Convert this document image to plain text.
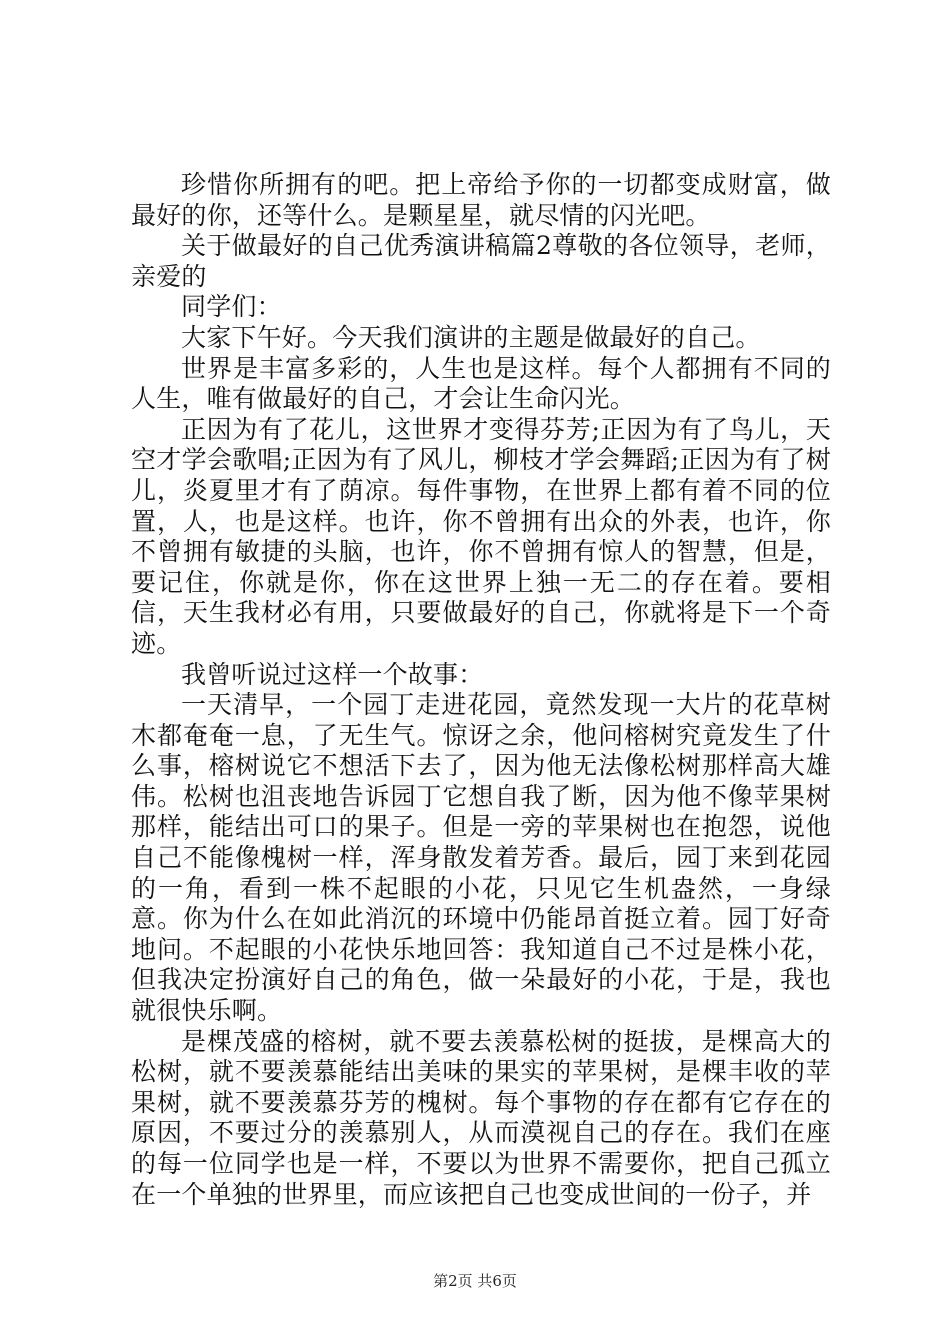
珍惜你所拥有的吧。把上帝给予你的一切都变成财富，做最好的你，还等什么。是颗星星，就尽情的闪光吧。

关于做最好的自己优秀演讲稿篇2尊敬的各位领导，老师，亲爱的

同学们：

大家下午好。今天我们演讲的主题是做最好的自己。

世界是丰富多彩的，人生也是这样。每个人都拥有不同的人生，唯有做最好的自己，才会让生命闪光。

正因为有了花儿，这世界才变得芬芳;正因为有了鸟儿，天空才学会歌唱;正因为有了风儿，柳枝才学会舞蹈;正因为有了树儿，炎夏里才有了荫凉。每件事物，在世界上都有着不同的位置，人，也是这样。也许，你不曾拥有出众的外表，也许，你不曾拥有敏捷的头脑，也许，你不曾拥有惊人的智慧，但是，要记住，你就是你，你在这世界上独一无二的存在着。要相信，天生我材必有用，只要做最好的自己，你就将是下一个奇迹。

我曾听说过这样一个故事：

一天清早，一个园丁走进花园，竟然发现一大片的花草树木都奄奄一息，了无生气。惊讶之余，他问榕树究竟发生了什么事，榕树说它不想活下去了，因为他无法像松树那样高大雄伟。松树也沮丧地告诉园丁它想自我了断，因为他不像苹果树那样，能结出可口的果子。但是一旁的苹果树也在抱怨，说他自己不能像槐树一样，浑身散发着芳香。最后，园丁来到花园的一角，看到一株不起眼的小花，只见它生机盎然，一身绿意。你为什么在如此消沉的环境中仍能昂首挺立着。园丁好奇地问。不起眼的小花快乐地回答：我知道自己不过是株小花，但我决定扮演好自己的角色，做一朵最好的小花，于是，我也就很快乐啊。

是棵茂盛的榕树，就不要去羡慕松树的挺拔，是棵高大的松树，就不要羡慕能结出美味的果实的苹果树，是棵丰收的苹果树，就不要羡慕芬芳的槐树。每个事物的存在都有它存在的原因，不要过分的羡慕别人，从而漠视自己的存在。我们在座的每一位同学也是一样，不要以为世界不需要你，把自己孤立在一个单独的世界里，而应该把自己也变成世间的一份子，并

第2页 共6页
